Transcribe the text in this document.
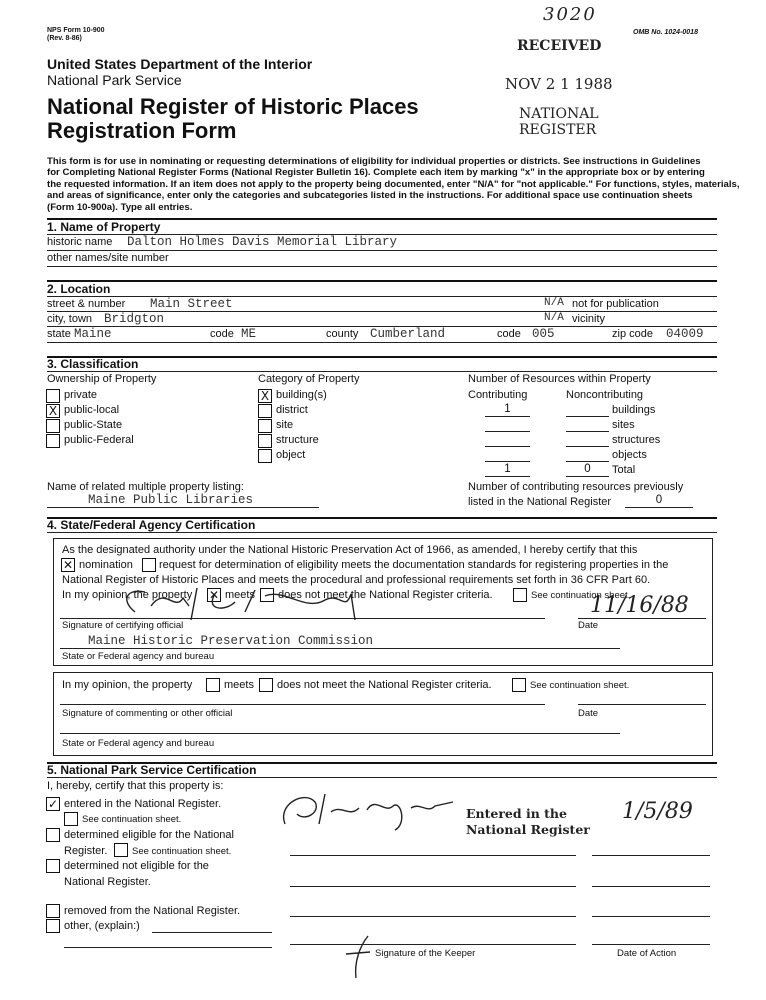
NPS Form 10-900
(Rev. 8-86)
OMB No. 1024-0018
United States Department of the Interior
National Park Service
National Register of Historic Places
Registration Form
3020
RECEIVED
NOV 2 1 1988
NATIONAL
REGISTER
This form is for use in nominating or requesting determinations of eligibility for individual properties or districts. See instructions in Guidelines
for Completing National Register Forms (National Register Bulletin 16). Complete each item by marking "x" in the appropriate box or by entering
the requested information. If an item does not apply to the property being documented, enter "N/A" for "not applicable." For functions, styles, materials,
and areas of significance, enter only the categories and subcategories listed in the instructions. For additional space use continuation sheets
(Form 10-900a). Type all entries.
1. Name of Property
historic name Dalton Holmes Davis Memorial Library
other names/site number
2. Location
street & number Main Street	N/A not for publication
city, town Bridgton	N/A vicinity
state Maine	code ME	county Cumberland	code 005	zip code 04009
3. Classification
Ownership of Property
private
X public-local
public-State
public-Federal
Category of Property
X building(s)
district
site
structure
object
Number of Resources within Property
Contributing	Noncontributing
1	buildings
sites
structures
objects
1	0	Total
Name of related multiple property listing:
Maine Public Libraries
Number of contributing resources previously
listed in the National Register	0
4. State/Federal Agency Certification
As the designated authority under the National Historic Preservation Act of 1966, as amended, I hereby certify that this
✕ nomination request for determination of eligibility meets the documentation standards for registering properties in the
National Register of Historic Places and meets the procedural and professional requirements set forth in 36 CFR Part 60.
In my opinion, the property ✕ meets does not meet the National Register criteria.	See continuation sheet.
11/16/88
Signature of certifying official	Date
Maine Historic Preservation Commission
State or Federal agency and bureau
In my opinion, the property	meets does not meet the National Register criteria.	See continuation sheet.
Signature of commenting or other official	Date
State or Federal agency and bureau
5. National Park Service Certification
I, hereby, certify that this property is:
✓ entered in the National Register.
See continuation sheet.
determined eligible for the National
Register.	See continuation sheet.
determined not eligible for the
National Register.
removed from the National Register.
other, (explain:)
Entered in the
National Register
1/5/89
Signature of the Keeper	Date of Action
